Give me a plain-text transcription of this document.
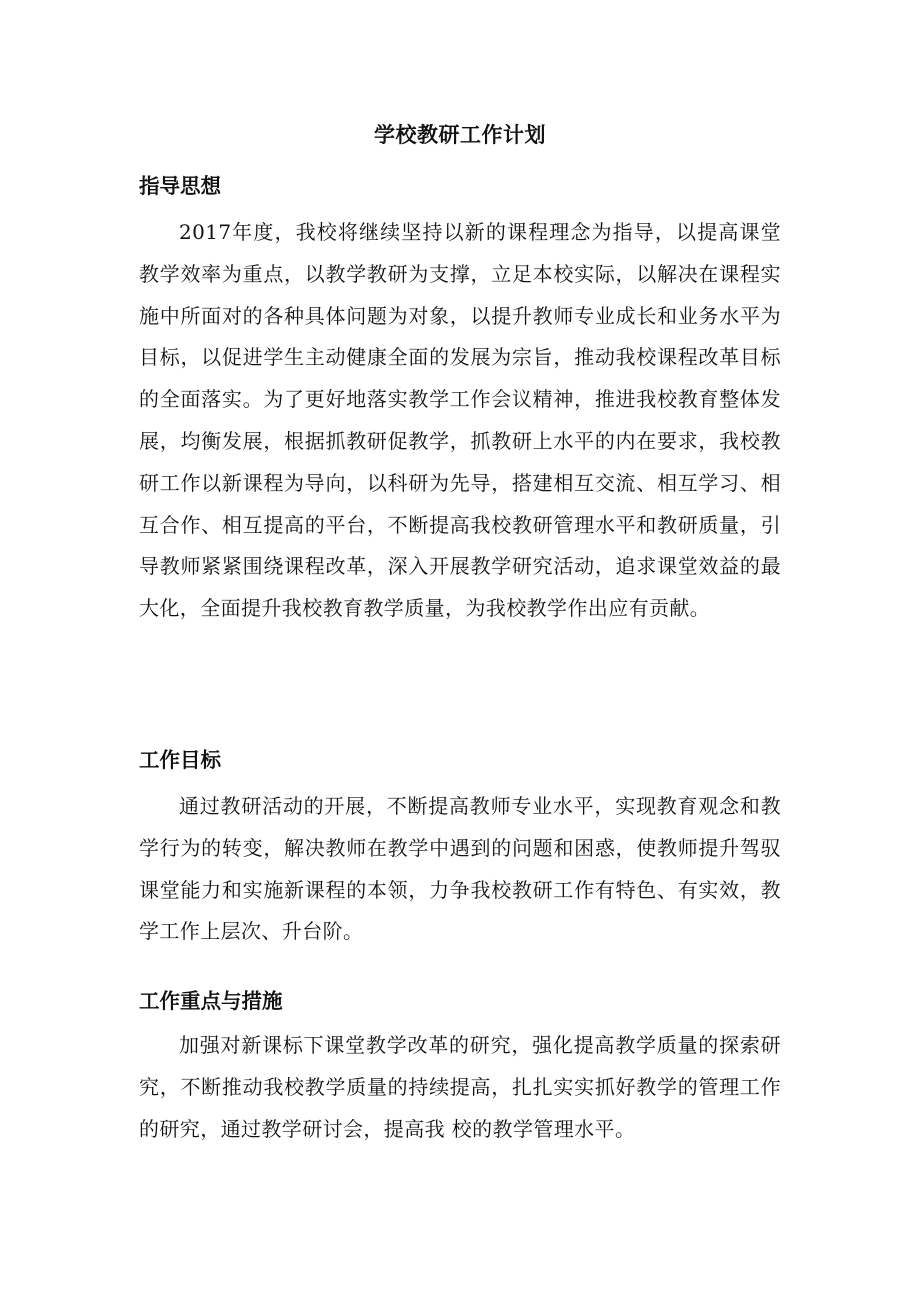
学校教研工作计划
指导思想

2017年度，我校将继续坚持以新的课程理念为指导，以提高课堂教学效率为重点，以教学教研为支撑，立足本校实际，以解决在课程实施中所面对的各种具体问题为对象，以提升教师专业成长和业务水平为目标，以促进学生主动健康全面的发展为宗旨，推动我校课程改革目标的全面落实。为了更好地落实教学工作会议精神，推进我校教育整体发展，均衡发展，根据抓教研促教学，抓教研上水平的内在要求，我校教研工作以新课程为导向，以科研为先导，搭建相互交流、相互学习、相互合作、相互提高的平台，不断提高我校教研管理水平和教研质量，引导教师紧紧围绕课程改革，深入开展教学研究活动，追求课堂效益的最大化，全面提升我校教育教学质量，为我校教学作出应有贡献。

工作目标

通过教研活动的开展，不断提高教师专业水平，实现教育观念和教学行为的转变，解决教师在教学中遇到的问题和困惑，使教师提升驾驭课堂能力和实施新课程的本领，力争我校教研工作有特色、有实效，教学工作上层次、升台阶。

工作重点与措施

加强对新课标下课堂教学改革的研究，强化提高教学质量的探索研究，不断推动我校教学质量的持续提高，扎扎实实抓好教学的管理工作的研究，通过教学研讨会，提高我 校的教学管理水平。
